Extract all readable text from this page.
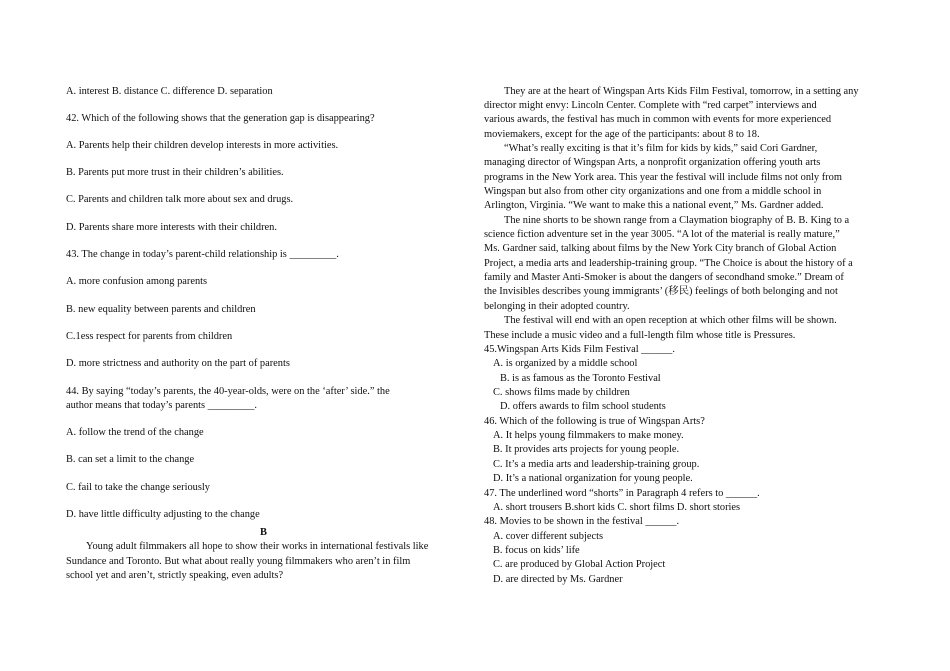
A. interest B. distance C. difference D. separation
42. Which of the following shows that the generation gap is disappearing?
A. Parents help their children develop interests in more activities.
B. Parents put more trust in their children’s abilities.
C. Parents and children talk more about sex and drugs.
D. Parents share more interests with their children.
43. The change in today’s parent-child relationship is _________.
A. more confusion among parents
B. new equality between parents and children
C.1ess respect for parents from children
D. more strictness and authority on the part of parents
44. By saying “today’s parents, the 40-year-olds, were on the ‘after’ side.” the
author means that today’s parents _________.
A. follow the trend of the change
B. can set a limit to the change
C. fail to take the change seriously
D. have little difficulty adjusting to the change
B
Young adult filmmakers all hope to show their works in international festivals like
Sundance and Toronto. But what about really young filmmakers who aren’t in film
school yet and aren’t, strictly speaking, even adults?
They are at the heart of Wingspan Arts Kids Film Festival, tomorrow, in a setting any
director might envy: Lincoln Center. Complete with “red carpet” interviews and
various awards, the festival has much in common with events for more experienced
moviemakers, except for the age of the participants: about 8 to 18.
“What’s really exciting is that it’s film for kids by kids,” said Cori Gardner,
managing director of Wingspan Arts, a nonprofit organization offering youth arts
programs in the New York area. This year the festival will include films not only from
Wingspan but also from other city organizations and one from a middle school in
Arlington, Virginia. “We want to make this a national event,” Ms. Gardner added.
The nine shorts to be shown range from a Claymation biography of B. B. King to a
science fiction adventure set in the year 3005. “A lot of the material is really mature,”
Ms. Gardner said, talking about films by the New York City branch of Global Action
Project, a media arts and leadership-training group. “The Choice is about the history of a
family and Master Anti-Smoker is about the dangers of secondhand smoke.” Dream of
the Invisibles describes young immigrants’ (移民) feelings of both belonging and not
belonging in their adopted country.
The festival will end with an open reception at which other films will be shown.
These include a music video and a full-length film whose title is Pressures.
45.Wingspan Arts Kids Film Festival ______.
A. is organized by a middle school
B. is as famous as the Toronto Festival
C. shows films made by children
D. offers awards to film school students
46. Which of the following is true of Wingspan Arts?
A. It helps young filmmakers to make money.
B. It provides arts projects for young people.
C. It’s a media arts and leadership-training group.
D. It’s a national organization for young people.
47. The underlined word “shorts” in Paragraph 4 refers to ______.
A. short trousers B.short kids C. short films D. short stories
48. Movies to be shown in the festival ______.
A. cover different subjects
B. focus on kids’ life
C. are produced by Global Action Project
D. are directed by Ms. Gardner
